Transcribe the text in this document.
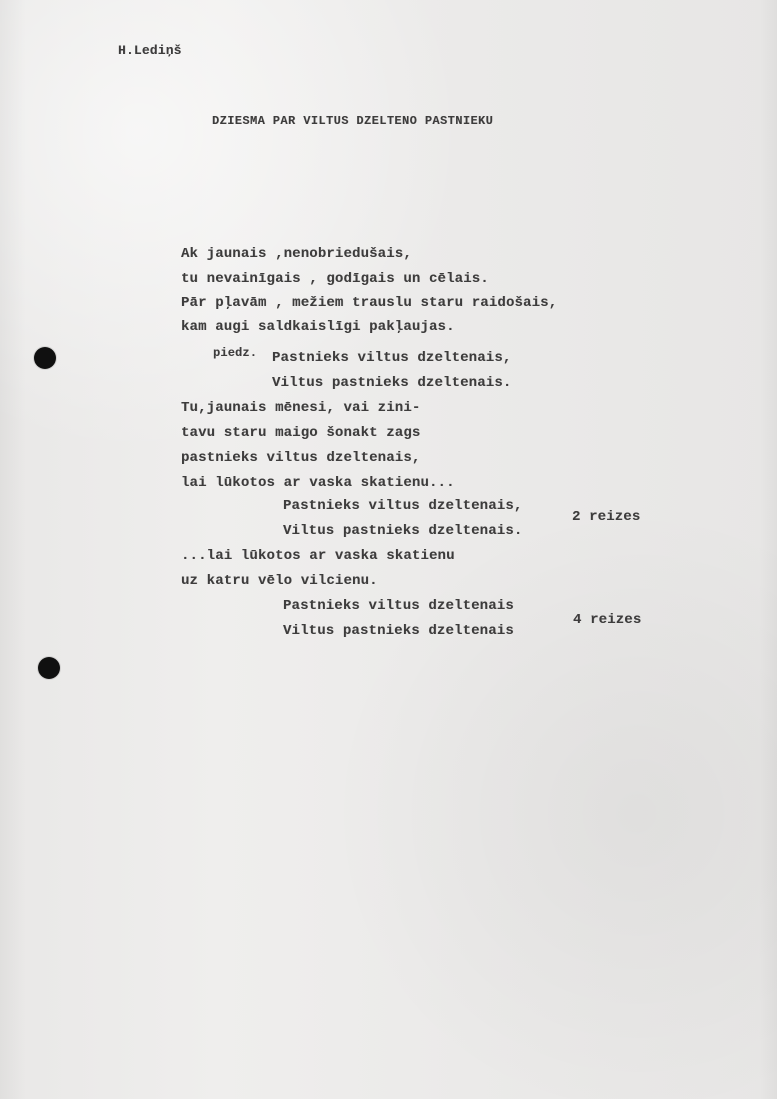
H.Lediņš
DZIESMA PAR VILTUS DZELTENO PASTNIEKU
Ak jaunais ,nenobriedušais,
tu nevainīgais , godīgais un cēlais.
Pār pļavām , mežiem trauslu staru raidošais,
kam augi saldkaislīgi pakļaujas.
piedz. Pastnieks viltus dzeltenais,
Viltus pastnieks dzeltenais.
Tu,jaunais mēnesi, vai zini-
tavu staru maigo šonakt zags
pastnieks viltus dzeltenais,
lai lūkotos ar vaska skatienu...
Pastnieks viltus dzeltenais,
Viltus pastnieks dzeltenais.
2 reizes
...lai lūkotos ar vaska skatienu
uz katru vēlo vilcienu.
Pastnieks viltus dzeltenais
Viltus pastnieks dzeltenais
4 reizes
